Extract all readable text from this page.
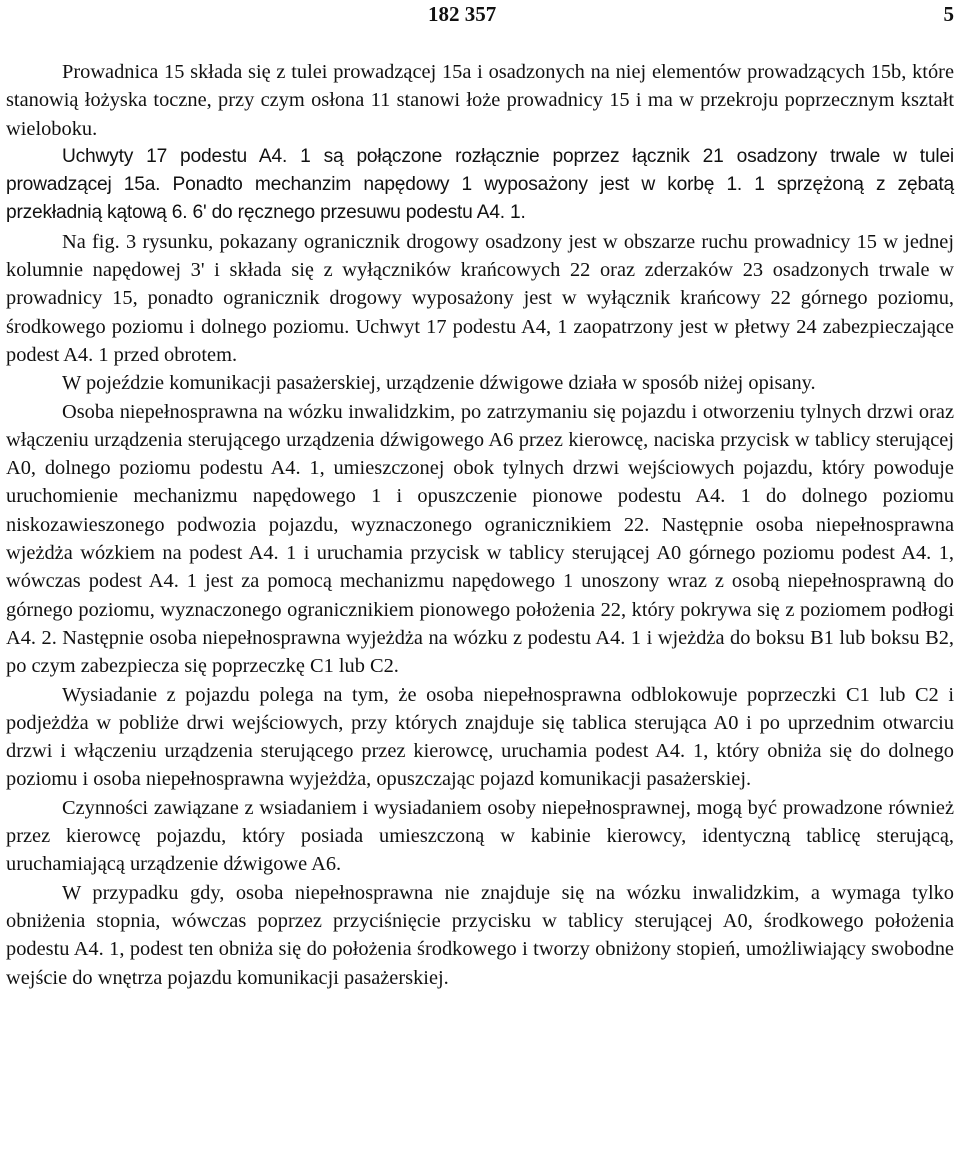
182 357	5

Prowadnica 15 składa się z tulei prowadzącej 15a i osadzonych na niej elementów prowadzących 15b, które stanowią łożyska toczne, przy czym osłona 11 stanowi łoże prowadnicy 15 i ma w przekroju poprzecznym kształt wieloboku.

Uchwyty 17 podestu A4. 1 są połączone rozłącznie poprzez łącznik 21 osadzony trwale w tulei prowadzącej 15a. Ponadto mechanzim napędowy 1 wyposażony jest w korbę 1. 1 sprzężoną z zębatą przekładnią kątową 6. 6' do ręcznego przesuwu podestu A4. 1.

Na fig. 3 rysunku, pokazany ogranicznik drogowy osadzony jest w obszarze ruchu prowadnicy 15 w jednej kolumnie napędowej 3' i składa się z wyłączników krańcowych 22 oraz zderzaków 23 osadzonych trwale w prowadnicy 15, ponadto ogranicznik drogowy wyposażony jest w wyłącznik krańcowy 22 górnego poziomu, środkowego poziomu i dolnego poziomu. Uchwyt 17 podestu A4, 1 zaopatrzony jest w płetwy 24 zabezpieczające podest A4. 1 przed obrotem.

W pojeździe komunikacji pasażerskiej, urządzenie dźwigowe działa w sposób niżej opisany.

Osoba niepełnosprawna na wózku inwalidzkim, po zatrzymaniu się pojazdu i otworzeniu tylnych drzwi oraz włączeniu urządzenia sterującego urządzenia dźwigowego A6 przez kierowcę, naciska przycisk w tablicy sterującej A0, dolnego poziomu podestu A4. 1, umieszczonej obok tylnych drzwi wejściowych pojazdu, który powoduje uruchomienie mechanizmu napędowego 1 i opuszczenie pionowe podestu A4. 1 do dolnego poziomu niskozawieszonego podwozia pojazdu, wyznaczonego ogranicznikiem 22. Następnie osoba niepełnosprawna wjeżdża wózkiem na podest A4. 1 i uruchamia przycisk w tablicy sterującej A0 górnego poziomu podest A4. 1, wówczas podest A4. 1 jest za pomocą mechanizmu napędowego 1 unoszony wraz z osobą niepełnosprawną do górnego poziomu, wyznaczonego ogranicznikiem pionowego położenia 22, który pokrywa się z poziomem podłogi A4. 2. Następnie osoba niepełnosprawna wyjeżdża na wózku z podestu A4. 1 i wjeżdża do boksu B1 lub boksu B2, po czym zabezpiecza się poprzeczkę C1 lub C2.

Wysiadanie z pojazdu polega na tym, że osoba niepełnosprawna odblokowuje poprzeczki C1 lub C2 i podjeżdża w pobliże drwi wejściowych, przy których znajduje się tablica sterująca A0 i po uprzednim otwarciu drzwi i włączeniu urządzenia sterującego przez kierowcę, uruchamia podest A4. 1, który obniża się do dolnego poziomu i osoba niepełnosprawna wyjeżdża, opuszczając pojazd komunikacji pasażerskiej.

Czynności zawiązane z wsiadaniem i wysiadaniem osoby niepełnosprawnej, mogą być prowadzone również przez kierowcę pojazdu, który posiada umieszczoną w kabinie kierowcy, identyczną tablicę sterującą, uruchamiającą urządzenie dźwigowe A6.

W przypadku gdy, osoba niepełnosprawna nie znajduje się na wózku inwalidzkim, a wymaga tylko obniżenia stopnia, wówczas poprzez przyciśnięcie przycisku w tablicy sterującej A0, środkowego położenia podestu A4. 1, podest ten obniża się do położenia środkowego i tworzy obniżony stopień, umożliwiający swobodne wejście do wnętrza pojazdu komunikacji pasażerskiej.
